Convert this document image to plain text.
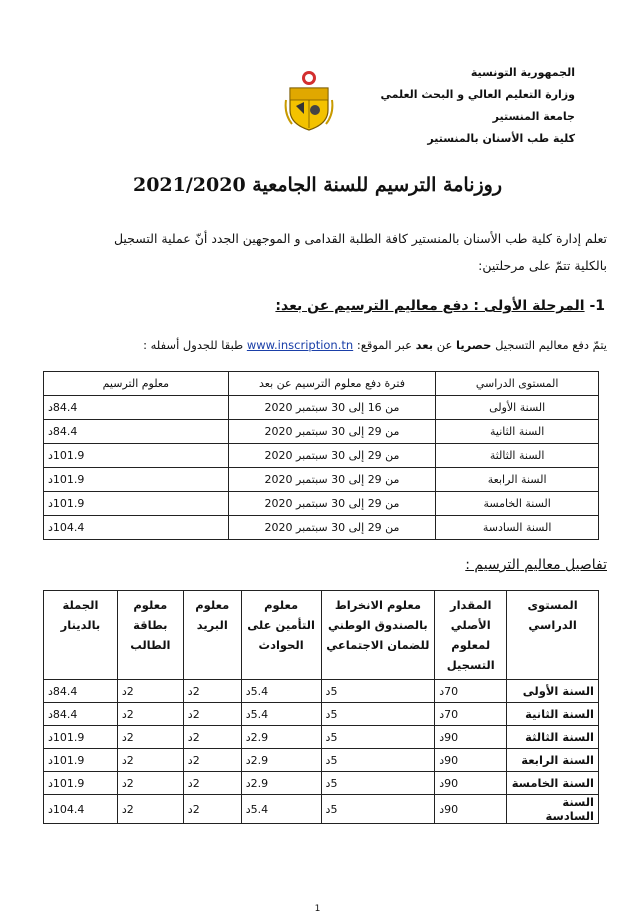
الجمهورية التونسية
وزارة التعليم العالي و البحث العلمي
جامعة المنستير
كلية طب الأسنان بالمنستير
روزنامة الترسيم للسنة الجامعية 2021/2020
تعلم إدارة كلية طب الأسنان بالمنستير كافة الطلبة القدامى و الموجهين الجدد أنّ عملية التسجيل
بالكلية تتمّ على مرحلتين:
1- المرحلة الأولى : دفع معاليم الترسيم عن بعد:
يتمّ دفع معاليم التسجيل حصريا عن بعد عبر الموقع: www.inscription.tn طبقا للجدول أسفله :
المستوى الدراسي	فترة دفع معلوم الترسيم عن بعد	معلوم الترسيم
السنة الأولى	من 16 إلى 30 سبتمبر 2020	84.4د
السنة الثانية	من 29 إلى 30 سبتمبر 2020	84.4د
السنة الثالثة	من 29 إلى 30 سبتمبر 2020	101.9د
السنة الرابعة	من 29 إلى 30 سبتمبر 2020	101.9د
السنة الخامسة	من 29 إلى 30 سبتمبر 2020	101.9د
السنة السادسة	من 29 إلى 30 سبتمبر 2020	104.4د
تفاصيل معاليم الترسيم :
المستوى الدراسي	المقدار الأصلي لمعلوم التسجيل	معلوم الانخراط بالصندوق الوطني للضمان الاجتماعي	معلوم التأمين على الحوادث	معلوم البريد	معلوم بطاقة الطالب	الجملة بالدينار
السنة الأولى	70د	5د	5.4د	2د	2د	84.4د
السنة الثانية	70د	5د	5.4د	2د	2د	84.4د
السنة الثالثة	90د	5د	2.9د	2د	2د	101.9د
السنة الرابعة	90د	5د	2.9د	2د	2د	101.9د
السنة الخامسة	90د	5د	2.9د	2د	2د	101.9د
السنة السادسة	90د	5د	5.4د	2د	2د	104.4د
1
